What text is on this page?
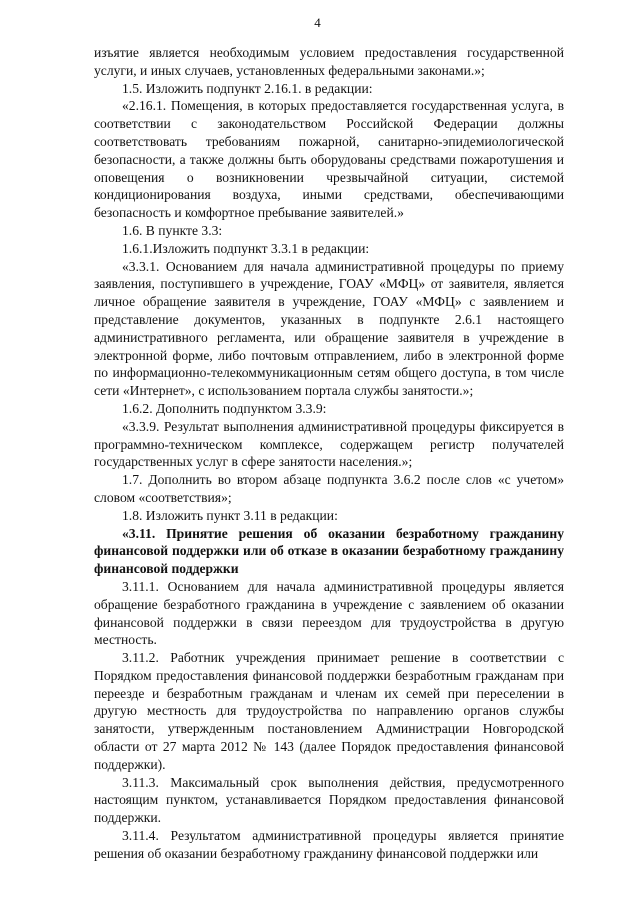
4

изъятие является необходимым условием предоставления государственной услуги, и иных случаев, установленных федеральными законами.»;

1.5. Изложить подпункт 2.16.1. в редакции:

«2.16.1. Помещения, в которых предоставляется государственная услуга, в соответствии с законодательством Российской Федерации должны соответствовать требованиям пожарной, санитарно-эпидемиологической безопасности, а также должны быть оборудованы средствами пожаротушения и оповещения о возникновении чрезвычайной ситуации, системой кондиционирования воздуха, иными средствами, обеспечивающими безопасность и комфортное пребывание заявителей.»

1.6. В пункте 3.3:

1.6.1.Изложить подпункт 3.3.1 в редакции:

«3.3.1. Основанием для начала административной процедуры по приему заявления, поступившего в учреждение, ГОАУ «МФЦ» от заявителя, является личное обращение заявителя в учреждение, ГОАУ «МФЦ» с заявлением и представление документов, указанных в подпункте 2.6.1 настоящего административного регламента, или обращение заявителя в учреждение в электронной форме, либо почтовым отправлением, либо в электронной форме по информационно-телекоммуникационным сетям общего доступа, в том числе сети «Интернет», с использованием портала службы занятости.»;

1.6.2. Дополнить подпунктом 3.3.9:

«3.3.9. Результат выполнения административной процедуры фиксируется в программно-техническом комплексе, содержащем регистр получателей государственных услуг в сфере занятости населения.»;

1.7. Дополнить во втором абзаце подпункта 3.6.2 после слов «с учетом» словом «соответствия»;

1.8. Изложить пункт 3.11 в редакции:

«3.11. Принятие решения об оказании безработному гражданину финансовой поддержки или об отказе в оказании безработному гражданину финансовой поддержки

3.11.1. Основанием для начала административной процедуры является обращение безработного гражданина в учреждение с заявлением об оказании финансовой поддержки в связи переездом для трудоустройства в другую местность.

3.11.2. Работник учреждения принимает решение в соответствии с Порядком предоставления финансовой поддержки безработным гражданам при переезде и безработным гражданам и членам их семей при переселении в другую местность для трудоустройства по направлению органов службы занятости, утвержденным постановлением Администрации Новгородской области от 27 марта 2012 № 143 (далее Порядок предоставления финансовой поддержки).

3.11.3. Максимальный срок выполнения действия, предусмотренного настоящим пунктом, устанавливается Порядком предоставления финансовой поддержки.

3.11.4. Результатом административной процедуры является принятие решения об оказании безработному гражданину финансовой поддержки или
